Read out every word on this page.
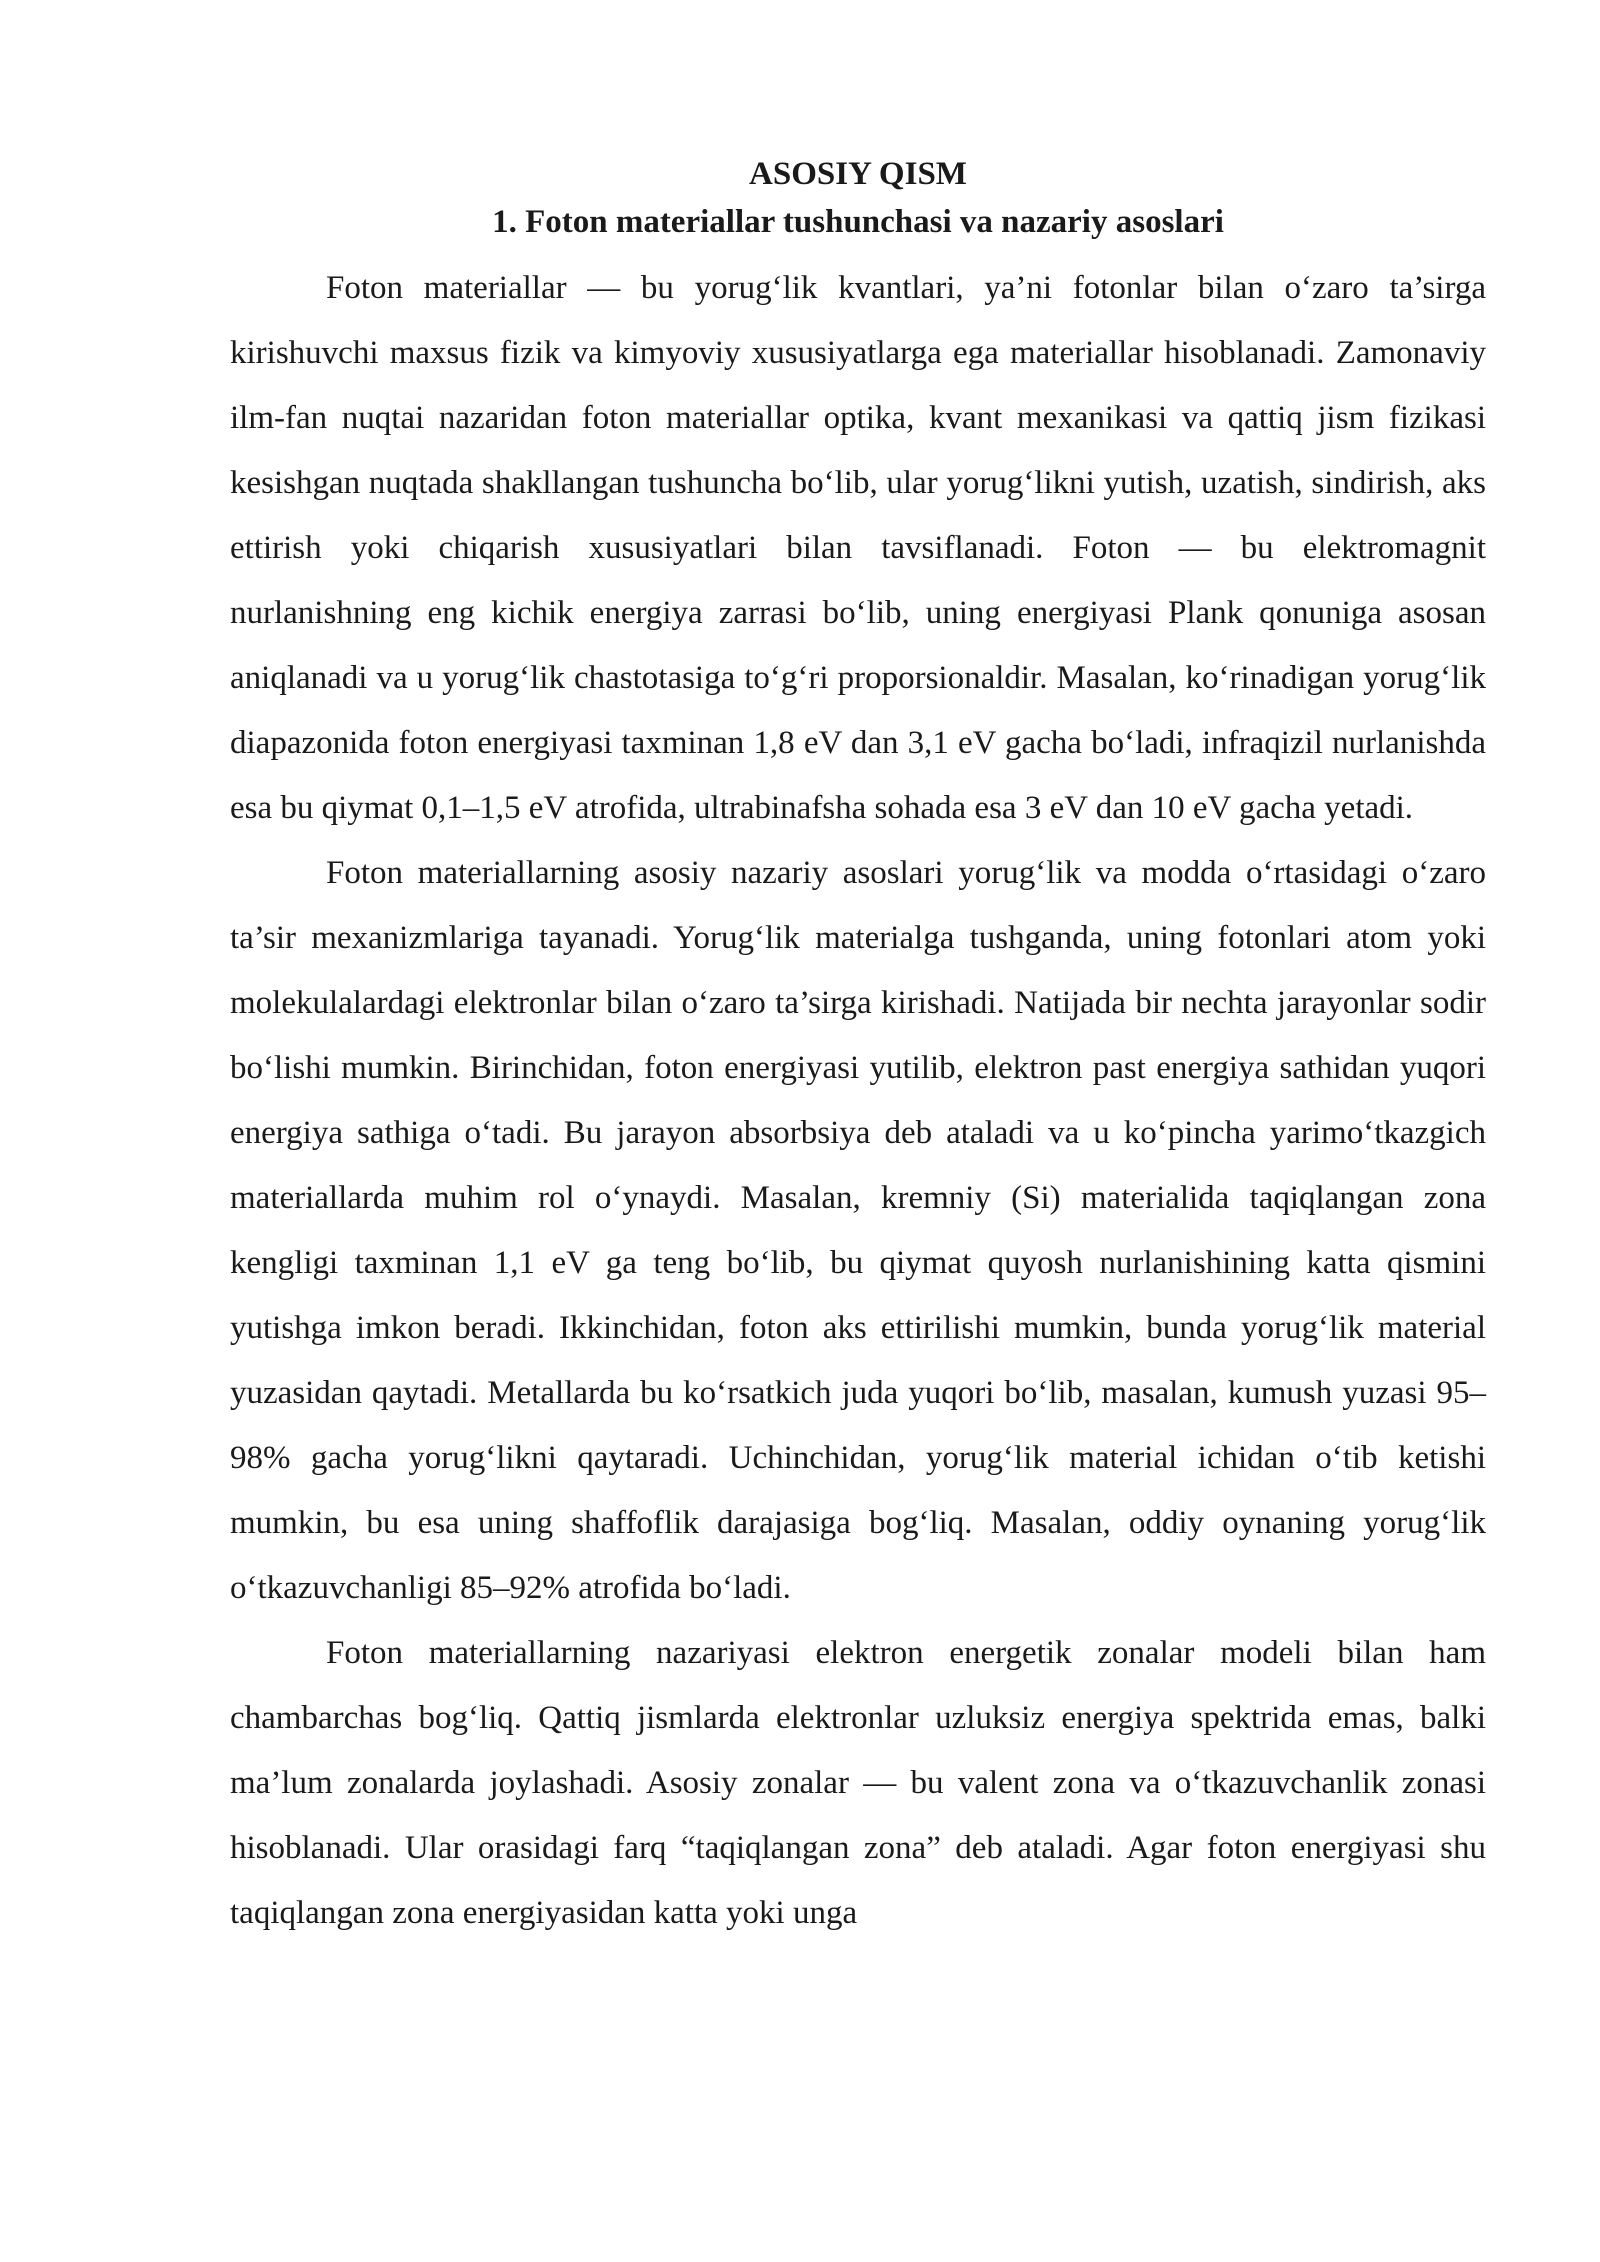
ASOSIY QISM
1. Foton materiallar tushunchasi va nazariy asoslari

Foton materiallar — bu yorug‘lik kvantlari, ya’ni fotonlar bilan o‘zaro ta’sirga kirishuvchi maxsus fizik va kimyoviy xususiyatlarga ega materiallar hisoblanadi. Zamonaviy ilm-fan nuqtai nazaridan foton materiallar optika, kvant mexanikasi va qattiq jism fizikasi kesishgan nuqtada shakllangan tushuncha bo‘lib, ular yorug‘likni yutish, uzatish, sindirish, aks ettirish yoki chiqarish xususiyatlari bilan tavsiflanadi. Foton — bu elektromagnit nurlanishning eng kichik energiya zarrasi bo‘lib, uning energiyasi Plank qonuniga asosan aniqlanadi va u yorug‘lik chastotasiga to‘g‘ri proporsionaldir. Masalan, ko‘rinadigan yorug‘lik diapazonida foton energiyasi taxminan 1,8 eV dan 3,1 eV gacha bo‘ladi, infraqizil nurlanishda esa bu qiymat 0,1–1,5 eV atrofida, ultrabinafsha sohada esa 3 eV dan 10 eV gacha yetadi.

Foton materiallarning asosiy nazariy asoslari yorug‘lik va modda o‘rtasidagi o‘zaro ta’sir mexanizmlariga tayanadi. Yorug‘lik materialga tushganda, uning fotonlari atom yoki molekulalardagi elektronlar bilan o‘zaro ta’sirga kirishadi. Natijada bir nechta jarayonlar sodir bo‘lishi mumkin. Birinchidan, foton energiyasi yutilib, elektron past energiya sathidan yuqori energiya sathiga o‘tadi. Bu jarayon absorbsiya deb ataladi va u ko‘pincha yarimo‘tkazgich materiallarda muhim rol o‘ynaydi. Masalan, kremniy (Si) materialida taqiqlangan zona kengligi taxminan 1,1 eV ga teng bo‘lib, bu qiymat quyosh nurlanishining katta qismini yutishga imkon beradi. Ikkinchidan, foton aks ettirilishi mumkin, bunda yorug‘lik material yuzasidan qaytadi. Metallarda bu ko‘rsatkich juda yuqori bo‘lib, masalan, kumush yuzasi 95–98% gacha yorug‘likni qaytaradi. Uchinchidan, yorug‘lik material ichidan o‘tib ketishi mumkin, bu esa uning shaffoflik darajasiga bog‘liq. Masalan, oddiy oynaning yorug‘lik o‘tkazuvchanligi 85–92% atrofida bo‘ladi.

Foton materiallarning nazariyasi elektron energetik zonalar modeli bilan ham chambarchas bog‘liq. Qattiq jismlarda elektronlar uzluksiz energiya spektrida emas, balki ma’lum zonalarda joylashadi. Asosiy zonalar — bu valent zona va o‘tkazuvchanlik zonasi hisoblanadi. Ular orasidagi farq “taqiqlangan zona” deb ataladi. Agar foton energiyasi shu taqiqlangan zona energiyasidan katta yoki unga
